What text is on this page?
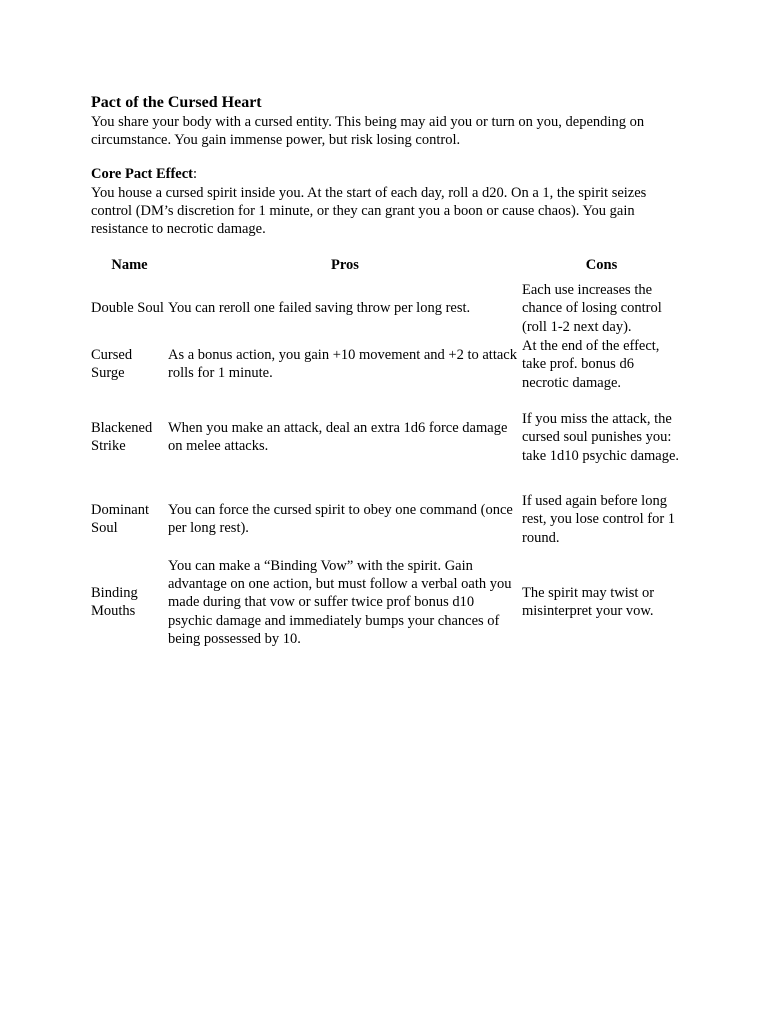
Pact of the Cursed Heart

You share your body with a cursed entity. This being may aid you or turn on you, depending on circumstance. You gain immense power, but risk losing control.

Core Pact Effect:

You house a cursed spirit inside you. At the start of each day, roll a d20. On a 1, the spirit seizes control (DM’s discretion for 1 minute, or they can grant you a boon or cause chaos). You gain resistance to necrotic damage.

Name	Pros	Cons
Double Soul	You can reroll one failed saving throw per long rest.	Each use increases the chance of losing control (roll 1-2 next day).
Cursed Surge	As a bonus action, you gain +10 movement and +2 to attack rolls for 1 minute.	At the end of the effect, take prof. bonus d6 necrotic damage.
Blackened Strike	When you make an attack, deal an extra 1d6 force damage on melee attacks.	If you miss the attack, the cursed soul punishes you: take 1d10 psychic damage.
Dominant Soul	You can force the cursed spirit to obey one command (once per long rest).	If used again before long rest, you lose control for 1 round.
Binding Mouths	You can make a “Binding Vow” with the spirit. Gain advantage on one action, but must follow a verbal oath you made during that vow or suffer twice prof bonus d10 psychic damage and immediately bumps your chances of being possessed by 10.	The spirit may twist or misinterpret your vow.
